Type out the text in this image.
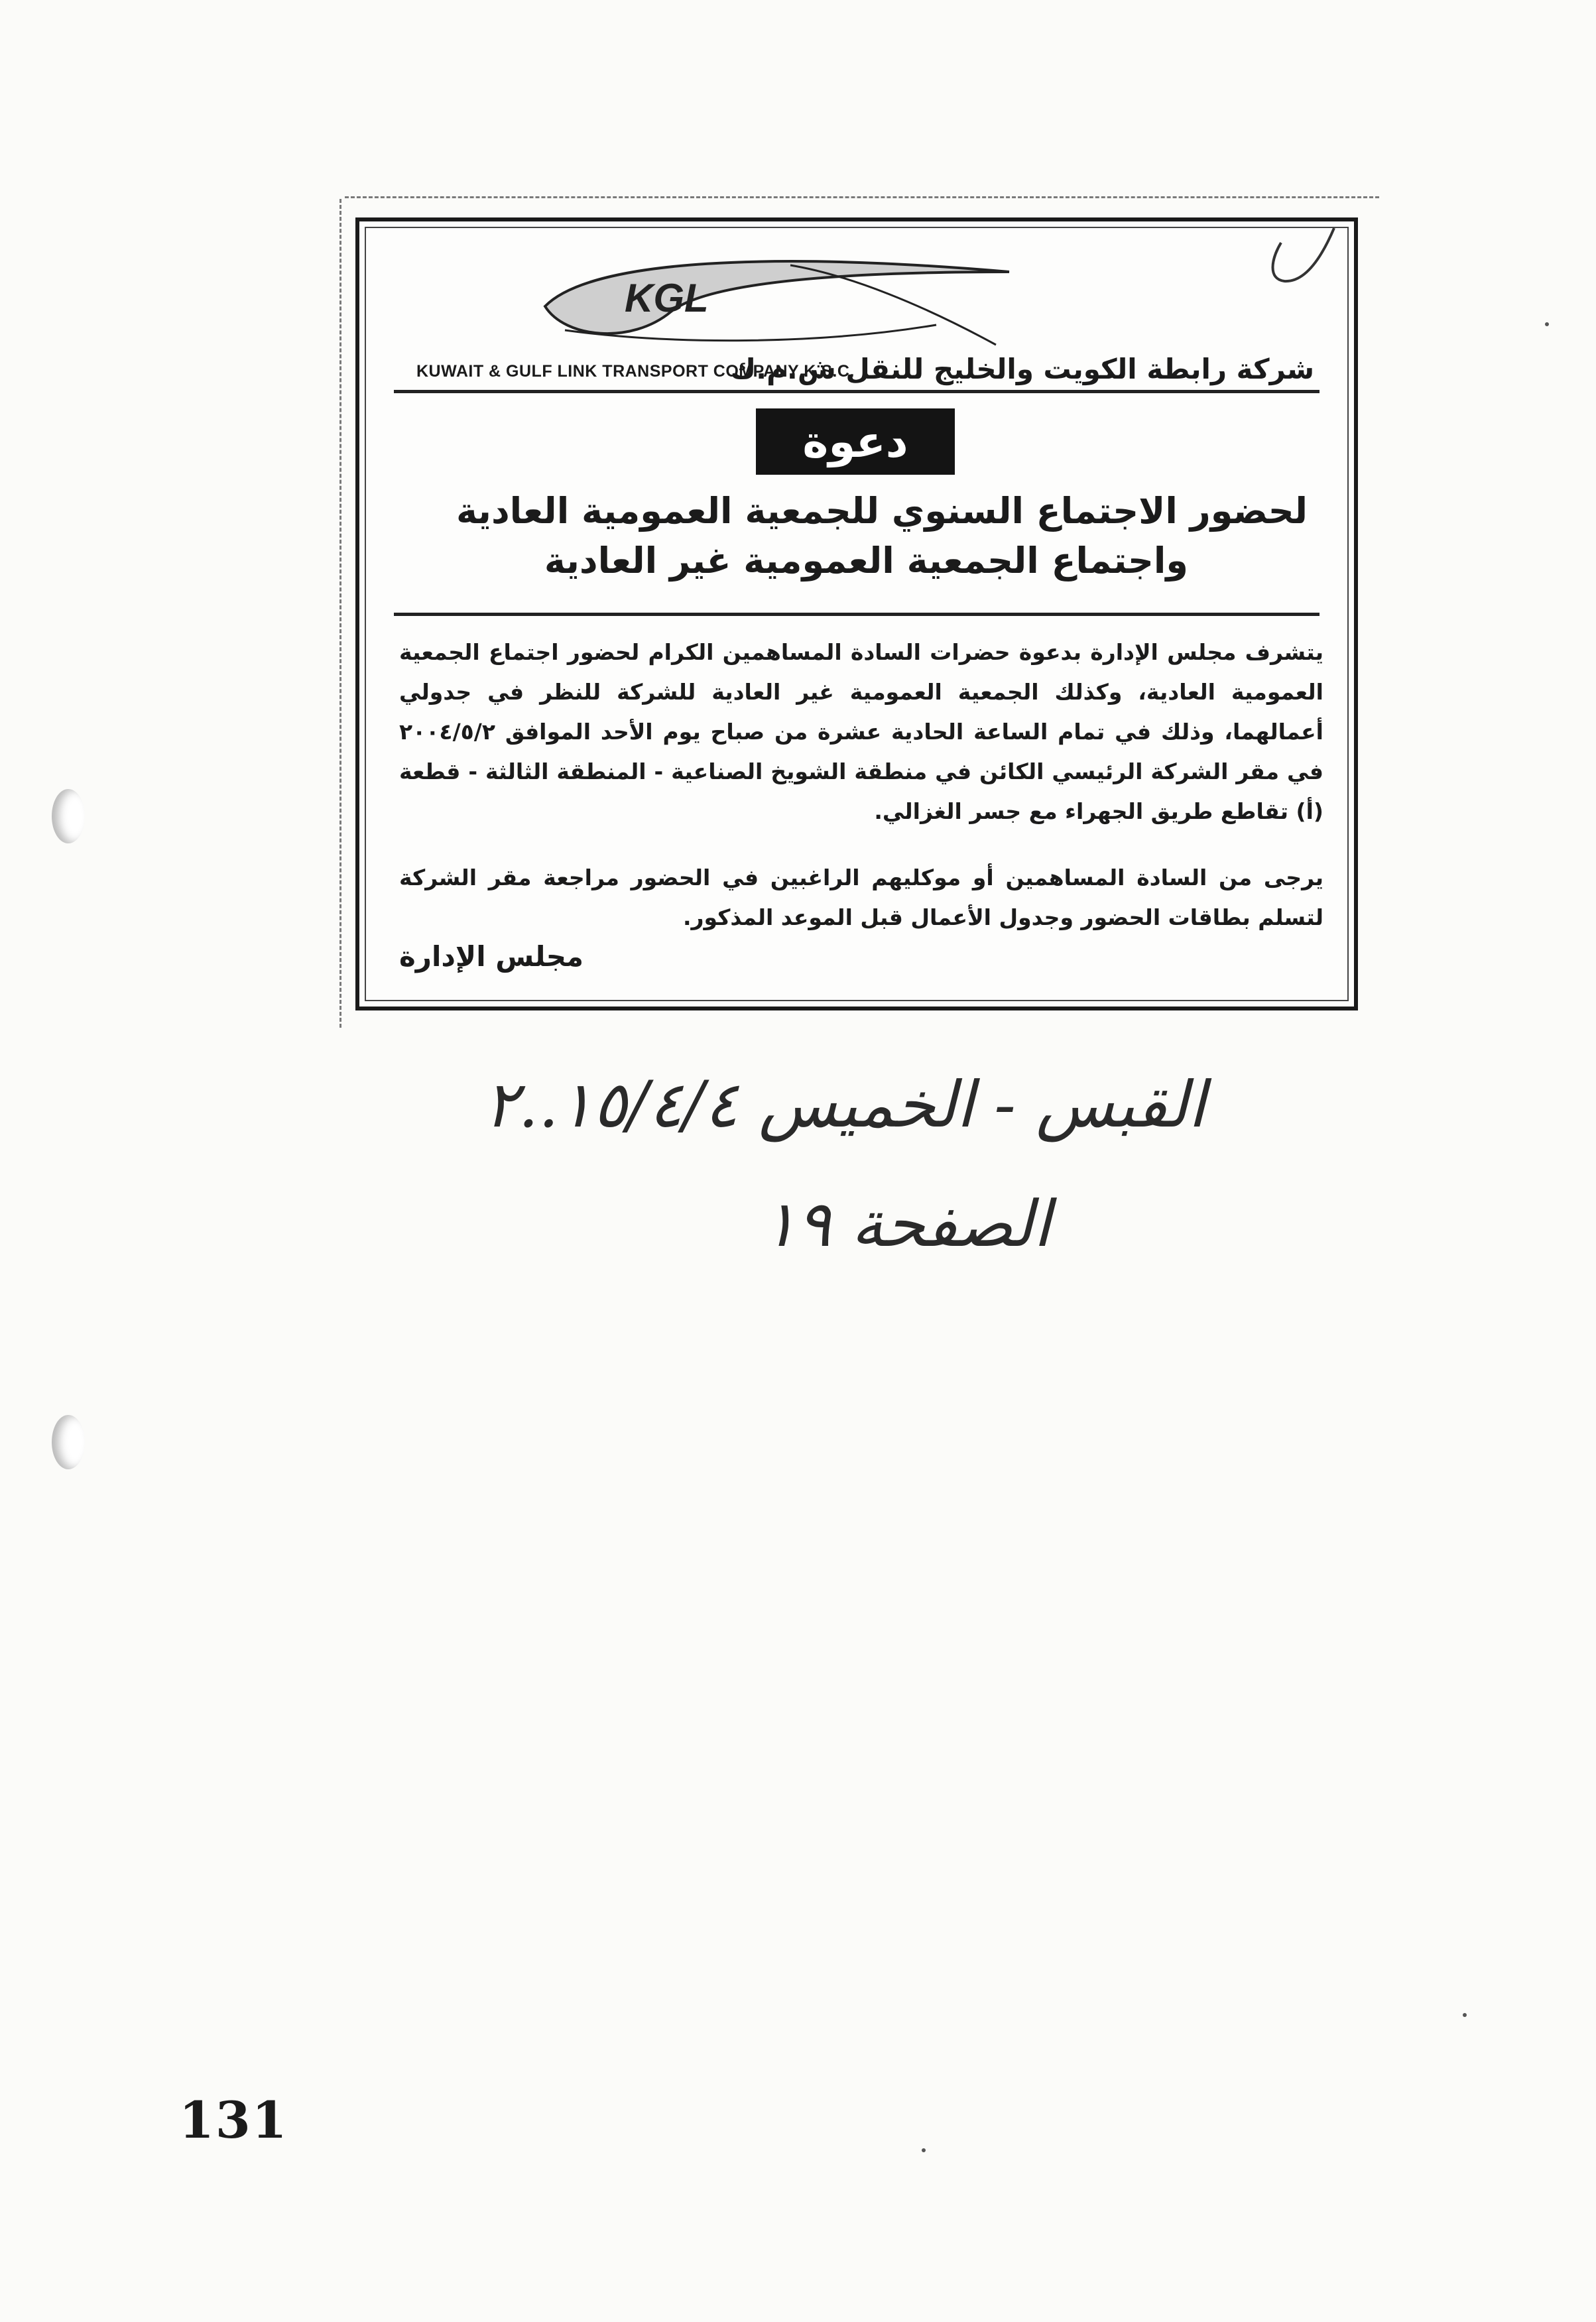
KGL
KUWAIT & GULF LINK TRANSPORT COMPANY K.S.C.
شركة رابطة الكويت والخليج للنقل ش.م.ك
دعوة
لحضور الاجتماع السنوي للجمعية العمومية العادية
واجتماع الجمعية العمومية غير العادية
يتشرف مجلس الإدارة بدعوة حضرات السادة المساهمين الكرام لحضور اجتماع الجمعية العمومية العادية، وكذلك الجمعية العمومية غير العادية للشركة للنظر في جدولي أعمالهما، وذلك في تمام الساعة الحادية عشرة من صباح يوم الأحد الموافق ٢٠٠٤/٥/٢ في مقر الشركة الرئيسي الكائن في منطقة الشويخ الصناعية - المنطقة الثالثة - قطعة (أ) تقاطع طريق الجهراء مع جسر الغزالي.
يرجى من السادة المساهمين أو موكليهم الراغبين في الحضور مراجعة مقر الشركة لتسلم بطاقات الحضور وجدول الأعمال قبل الموعد المذكور.
مجلس الإدارة
القبس - الخميس ١٥/٤/٤..٢
الصفحة ١٩
131
